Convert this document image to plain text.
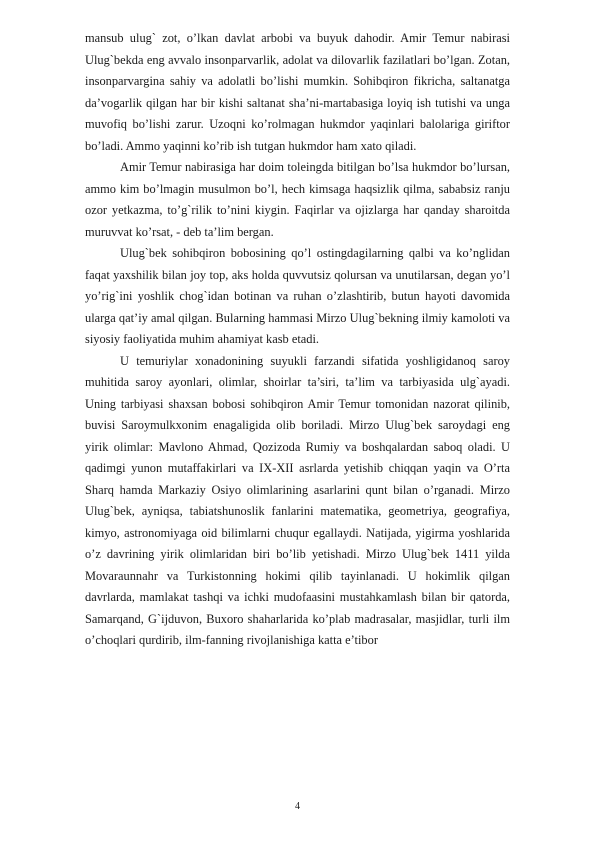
mansub ulug` zot, o’lkan davlat arbobi va buyuk dahodir. Amir Temur nabirasi Ulug`bekda eng avvalo insonparvarlik, adolat va dilovarlik fazilatlari bo’lgan. Zotan, insonparvargina sahiy va adolatli bo’lishi mumkin. Sohibqiron fikricha, saltanatga da’vogarlik qilgan har bir kishi saltanat sha’ni-martabasiga loyiq ish tutishi va unga muvofiq bo’lishi zarur. Uzoqni ko’rolmagan hukmdor yaqinlari balolariga giriftor bo’ladi. Ammo yaqinni ko’rib ish tutgan hukmdor ham xato qiladi.

Amir Temur nabirasiga har doim toleingda bitilgan bo’lsa hukmdor bo’lursan, ammo kim bo’lmagin musulmon bo’l, hech kimsaga haqsizlik qilma, sababsiz ranju ozor yetkazma, to’g`rilik to’nini kiygin. Faqirlar va ojizlarga har qanday sharoitda muruvvat ko’rsat, - deb ta’lim bergan.

Ulug`bek sohibqiron bobosining qo’l ostingdagilarning qalbi va ko’nglidan faqat yaxshilik bilan joy top, aks holda quvvutsiz qolursan va unutilarsan, degan yo’l yo’rig`ini yoshlik chog`idan botinan va ruhan o’zlashtirib, butun hayoti davomida ularga qat’iy amal qilgan. Bularning hammasi Mirzo Ulug`bekning ilmiy kamoloti va siyosiy faoliyatida muhim ahamiyat kasb etadi.

U temuriylar xonadonining suyukli farzandi sifatida yoshligidanoq saroy muhitida saroy ayonlari, olimlar, shoirlar ta’siri, ta’lim va tarbiyasida ulg`ayadi. Uning tarbiyasi shaxsan bobosi sohibqiron Amir Temur tomonidan nazorat qilinib, buvisi Saroymulkxonim enagaligida olib boriladi. Mirzo Ulug`bek saroydagi eng yirik olimlar: Mavlono Ahmad, Qozizoda Rumiy va boshqalardan saboq oladi. U qadimgi yunon mutaffakirlari va IX-XII asrlarda yetishib chiqqan yaqin va O’rta Sharq hamda Markaziy Osiyo olimlarining asarlarini qunt bilan o’rganadi. Mirzo Ulug`bek, ayniqsa, tabiatshunoslik fanlarini matematika, geometriya, geografiya, kimyo, astronomiyaga oid bilimlarni chuqur egallaydi. Natijada, yigirma yoshlarida o’z davrining yirik olimlaridan biri bo’lib yetishadi. Mirzo Ulug`bek 1411 yilda Movaraunnahr va Turkistonning hokimi qilib tayinlanadi. U hokimlik qilgan davrlarda, mamlakat tashqi va ichki mudofaasini mustahkamlash bilan bir qatorda, Samarqand, G`ijduvon, Buxoro shaharlarida ko’plab madrasalar, masjidlar, turli ilm o’choqlari qurdirib, ilm-fanning rivojlanishiga katta e’tibor

4
